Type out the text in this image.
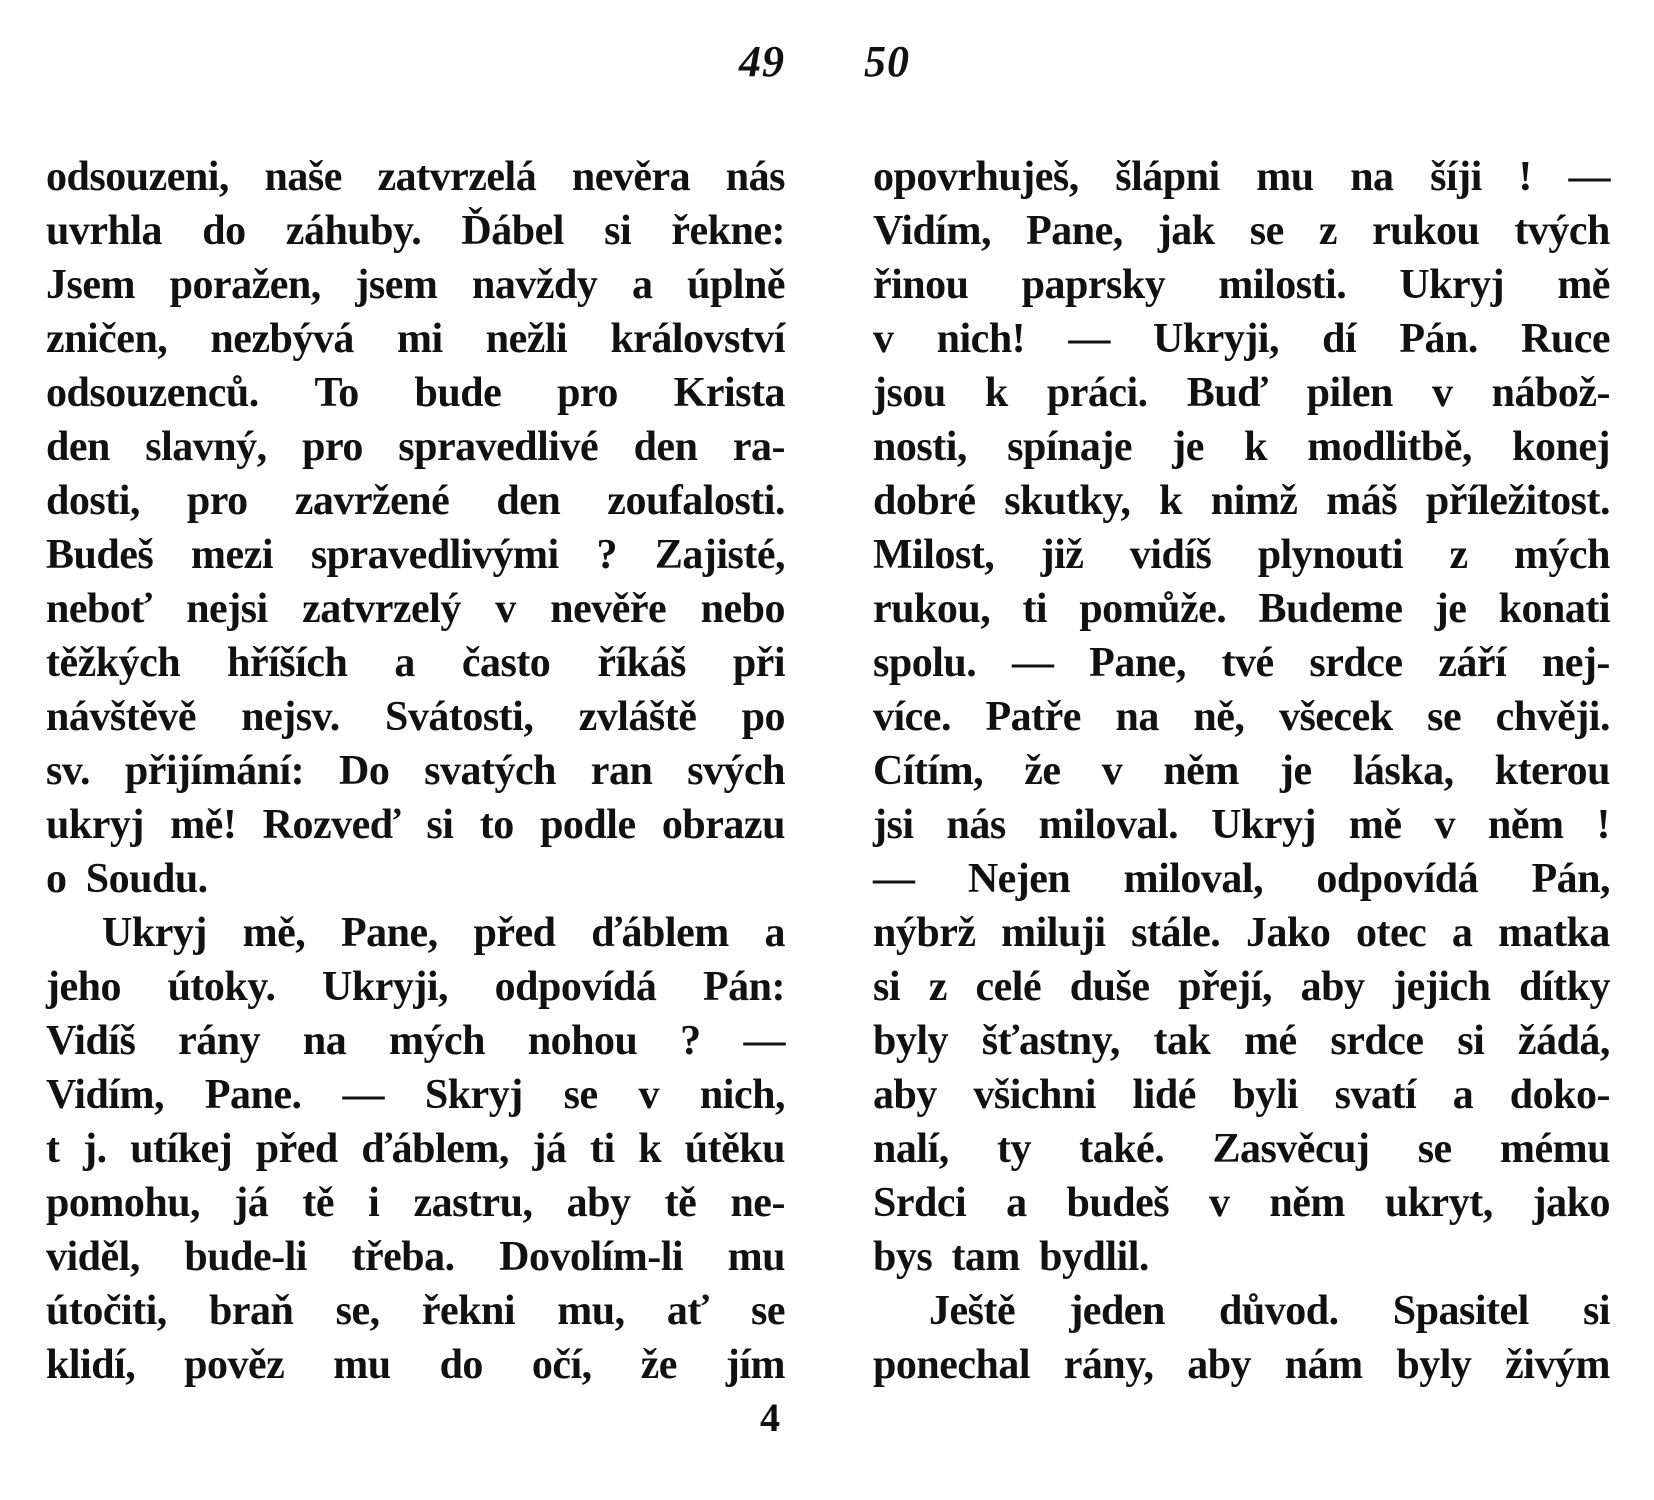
49 50
odsouzeni, naše zatvrzelá nevěra nás
uvrhla do záhuby. Ďábel si řekne:
Jsem poražen, jsem navždy a úplně
zničen, nezbývá mi nežli království
odsouzenců. To bude pro Krista
den slavný, pro spravedlivé den ra-
dosti, pro zavržené den zoufalosti.
Budeš mezi spravedlivými ? Zajisté,
neboť nejsi zatvrzelý v nevěře nebo
těžkých hříších a často říkáš při
návštěvě nejsv. Svátosti, zvláště po
sv. přijímání: Do svatých ran svých
ukryj mě! Rozveď si to podle obrazu
o Soudu.
Ukryj mě, Pane, před ďáblem a
jeho útoky. Ukryji, odpovídá Pán:
Vidíš rány na mých nohou ? —
Vidím, Pane. — Skryj se v nich,
t j. utíkej před ďáblem, já ti k útěku
pomohu, já tě i zastru, aby tě ne-
viděl, bude-li třeba. Dovolím-li mu
útočiti, braň se, řekni mu, ať se
klidí, pověz mu do očí, že jím
opovrhuješ, šlápni mu na šíji ! —
Vidím, Pane, jak se z rukou tvých
řinou paprsky milosti. Ukryj mě
v nich! — Ukryji, dí Pán. Ruce
jsou k práci. Buď pilen v nábož-
nosti, spínaje je k modlitbě, konej
dobré skutky, k nimž máš příležitost.
Milost, již vidíš plynouti z mých
rukou, ti pomůže. Budeme je konati
spolu. — Pane, tvé srdce září nej-
více. Patře na ně, všecek se chvěji.
Cítím, že v něm je láska, kterou
jsi nás miloval. Ukryj mě v něm !
— Nejen miloval, odpovídá Pán,
nýbrž miluji stále. Jako otec a matka
si z celé duše přejí, aby jejich dítky
byly šťastny, tak mé srdce si žádá,
aby všichni lidé byli svatí a doko-
nalí, ty také. Zasvěcuj se mému
Srdci a budeš v něm ukryt, jako
bys tam bydlil.
Ještě jeden důvod. Spasitel si
ponechal rány, aby nám byly živým
4
